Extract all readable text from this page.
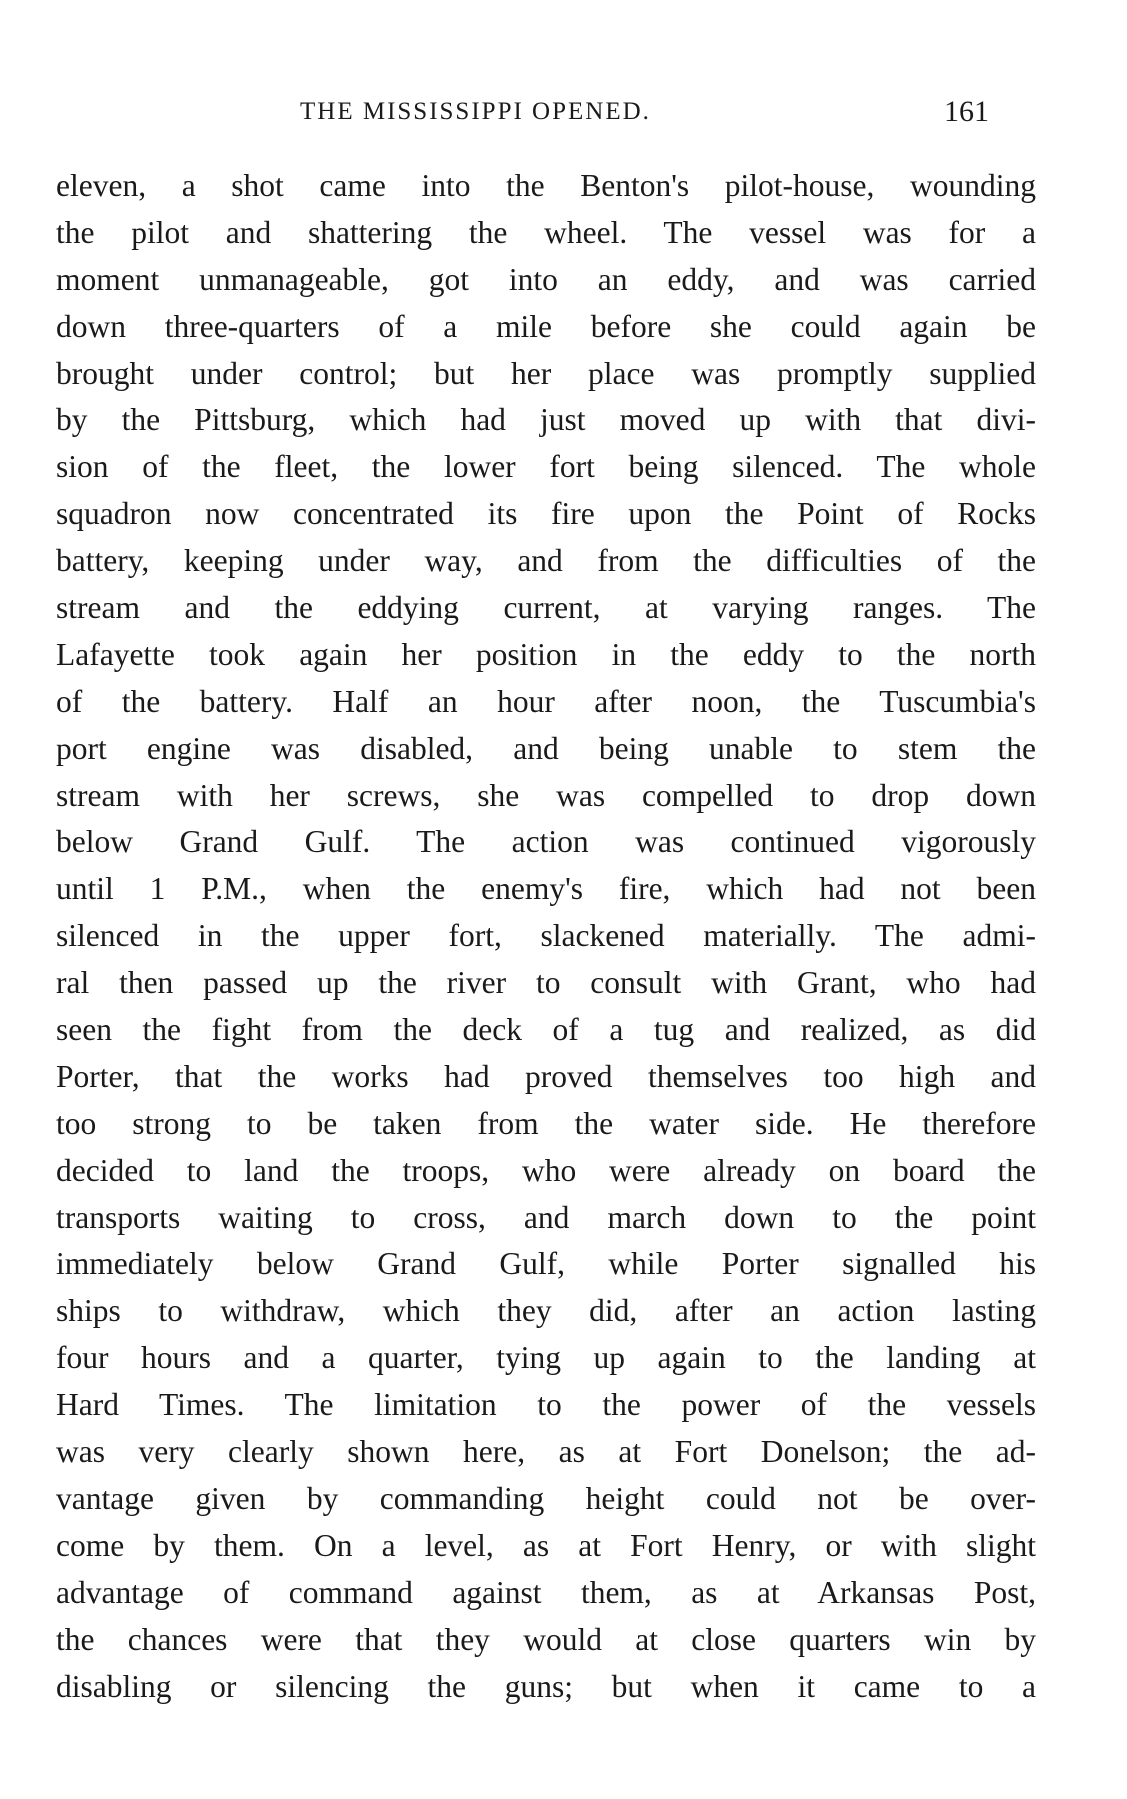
THE MISSISSIPPI OPENED.	161
eleven, a shot came into the Benton's pilot-house, wounding
the pilot and shattering the wheel. The vessel was for a
moment unmanageable, got into an eddy, and was carried
down three-quarters of a mile before she could again be
brought under control; but her place was promptly supplied
by the Pittsburg, which had just moved up with that divi-
sion of the fleet, the lower fort being silenced. The whole
squadron now concentrated its fire upon the Point of Rocks
battery, keeping under way, and from the difficulties of the
stream and the eddying current, at varying ranges. The
Lafayette took again her position in the eddy to the north
of the battery. Half an hour after noon, the Tuscumbia's
port engine was disabled, and being unable to stem the
stream with her screws, she was compelled to drop down
below Grand Gulf. The action was continued vigorously
until 1 P.M., when the enemy's fire, which had not been
silenced in the upper fort, slackened materially. The admi-
ral then passed up the river to consult with Grant, who had
seen the fight from the deck of a tug and realized, as did
Porter, that the works had proved themselves too high and
too strong to be taken from the water side. He therefore
decided to land the troops, who were already on board the
transports waiting to cross, and march down to the point
immediately below Grand Gulf, while Porter signalled his
ships to withdraw, which they did, after an action lasting
four hours and a quarter, tying up again to the landing at
Hard Times. The limitation to the power of the vessels
was very clearly shown here, as at Fort Donelson; the ad-
vantage given by commanding height could not be over-
come by them. On a level, as at Fort Henry, or with slight
advantage of command against them, as at Arkansas Post,
the chances were that they would at close quarters win by
disabling or silencing the guns; but when it came to a
